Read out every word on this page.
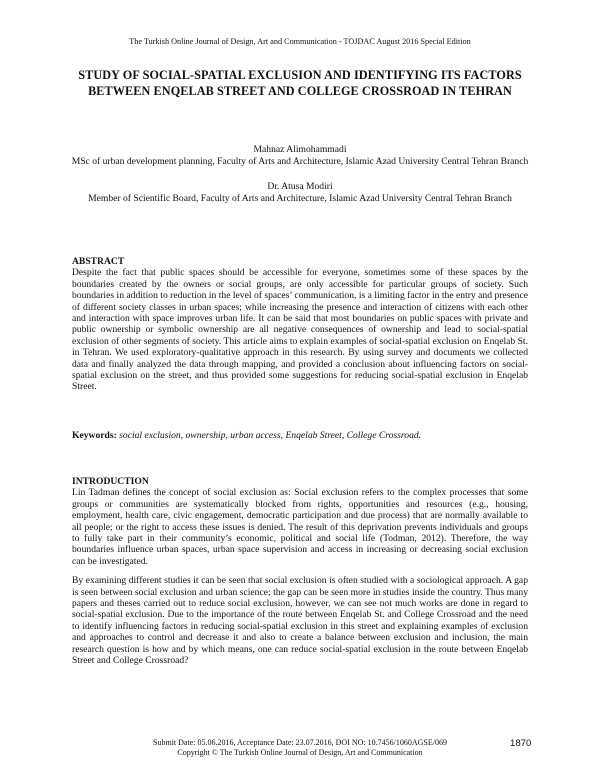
The Turkish Online Journal of Design, Art and Communication - TOJDAC August 2016 Special Edition
STUDY OF SOCIAL-SPATIAL EXCLUSION AND IDENTIFYING ITS FACTORS BETWEEN ENQELAB STREET AND COLLEGE CROSSROAD IN TEHRAN
Mahnaz Alimohammadi
MSc of urban development planning, Faculty of Arts and Architecture, Islamic Azad University Central Tehran Branch
Dr. Atusa Modiri
Member of Scientific Board, Faculty of Arts and Architecture, Islamic Azad University Central Tehran Branch
ABSTRACT
Despite the fact that public spaces should be accessible for everyone, sometimes some of these spaces by the boundaries created by the owners or social groups, are only accessible for particular groups of society. Such boundaries in addition to reduction in the level of spaces’ communication, is a limiting factor in the entry and presence of different society classes in urban spaces; while increasing the presence and interaction of citizens with each other and interaction with space improves urban life. It can be said that most boundaries on public spaces with private and public ownership or symbolic ownership are all negative consequences of ownership and lead to social-spatial exclusion of other segments of society. This article aims to explain examples of social-spatial exclusion on Enqelab St. in Tehran. We used exploratory-qualitative approach in this research. By using survey and documents we collected data and finally analyzed the data through mapping, and provided a conclusion about influencing factors on social-spatial exclusion on the street, and thus provided some suggestions for reducing social-spatial exclusion in Enqelab Street.
Keywords: social exclusion, ownership, urban access, Enqelab Street, College Crossroad.
INTRODUCTION

Lin Tadman defines the concept of social exclusion as: Social exclusion refers to the complex processes that some groups or communities are systematically blocked from rights, opportunities and resources (e.g., housing, employment, health care, civic engagement, democratic participation and due process) that are normally available to all people; or the right to access these issues is denied. The result of this deprivation prevents individuals and groups to fully take part in their community’s economic, political and social life (Todman, 2012). Therefore, the way boundaries influence urban spaces, urban space supervision and access in increasing or decreasing social exclusion can be investigated.

By examining different studies it can be seen that social exclusion is often studied with a sociological approach. A gap is seen between social exclusion and urban science; the gap can be seen more in studies inside the country. Thus many papers and theses carried out to reduce social exclusion, however, we can see not much works are done in regard to social-spatial exclusion. Due to the importance of the route between Enqelab St. and College Crossroad and the need to identify influencing factors in reducing social-spatial exclusion in this street and explaining examples of exclusion and approaches to control and decrease it and also to create a balance between exclusion and inclusion, the main research question is how and by which means, one can reduce social-spatial exclusion in the route between Enqelab Street and College Crossroad?

Submit Date: 05.06.2016, Acceptance Date: 23.07.2016, DOI NO: 10.7456/1060AGSE/069
Copyright © The Turkish Online Journal of Design, Art and Communication
1870
